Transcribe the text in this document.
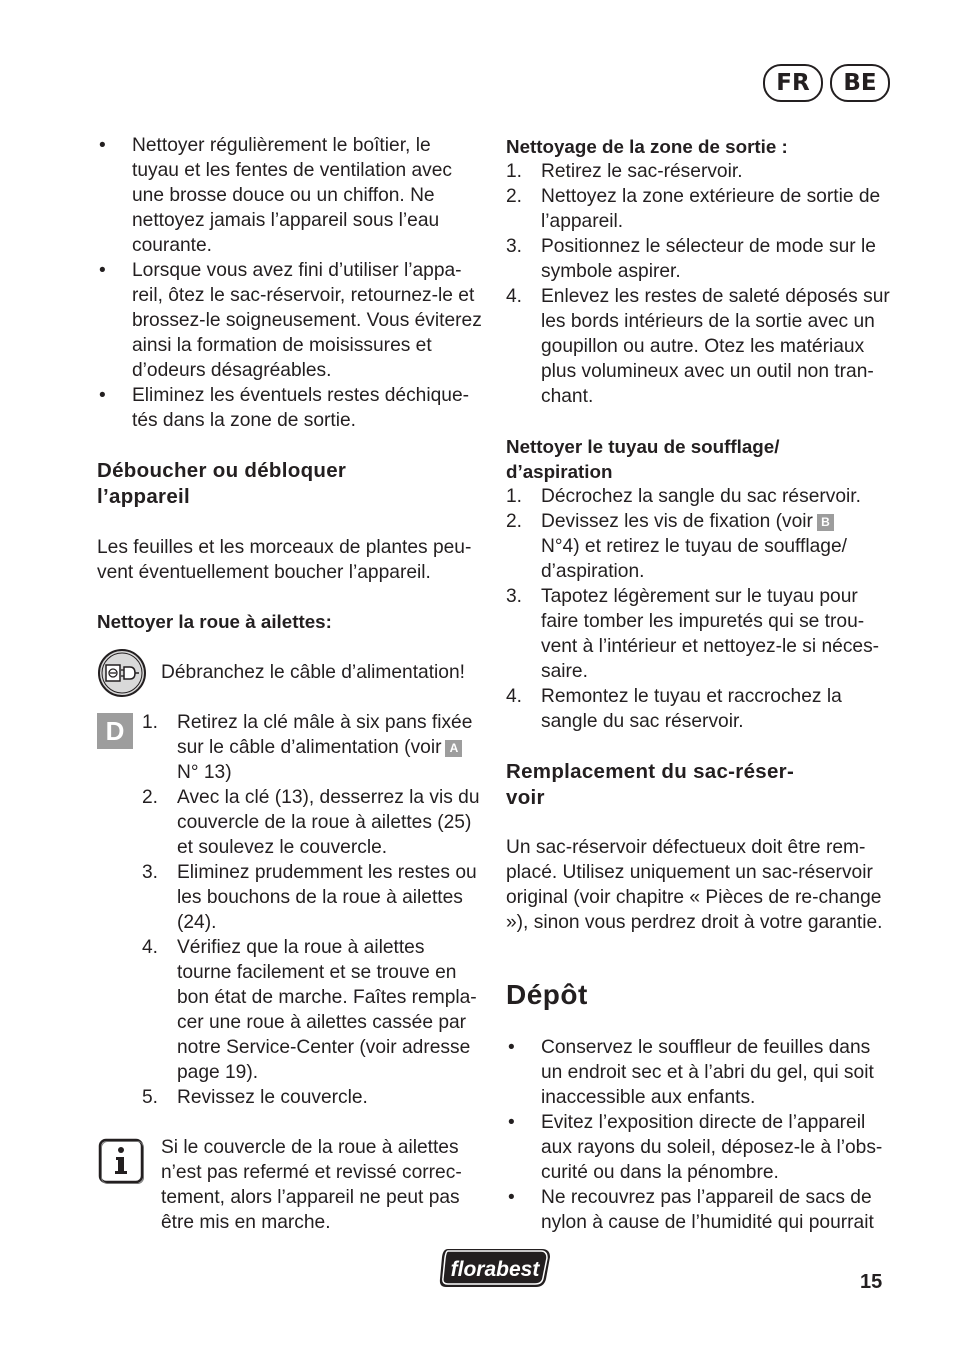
FR	BE
• Nettoyer régulièrement le boîtier, le tuyau et les fentes de ventilation avec une brosse douce ou un chiffon. Ne nettoyez jamais l’appareil sous l’eau courante.
• Lorsque vous avez fini d’utiliser l’appa-reil, ôtez le sac-réservoir, retournez-le et brossez-le soigneusement. Vous éviterez ainsi la formation de moisissures et d’odeurs désagréables.
• Eliminez les éventuels restes déchique-tés dans la zone de sortie.
Déboucher ou débloquer
l’appareil

Les feuilles et les morceaux de plantes peu-vent éventuellement boucher l’appareil.

Nettoyer la roue à ailettes:

Débranchez le câble d’alimentation!

D 1. Retirez la clé mâle à six pans fixée sur le câble d’alimentation (voir A
N° 13)
2. Avec la clé (13), desserrez la vis du couvercle de la roue à ailettes (25) et soulevez le couvercle.
3. Eliminez prudemment les restes ou les bouchons de la roue à ailettes (24).
4. Vérifiez que la roue à ailettes tourne facilement et se trouve en bon état de marche. Faîtes rempla-cer une roue à ailettes cassée par notre Service-Center (voir adresse page 19).
5. Revissez le couvercle.

Si le couvercle de la roue à ailettes n’est pas refermé et revissé correc-tement, alors l’appareil ne peut pas être mis en marche.

Nettoyage de la zone de sortie :
1. Retirez le sac-réservoir.
2. Nettoyez la zone extérieure de sortie de l’appareil.
3. Positionnez le sélecteur de mode sur le symbole aspirer.
4. Enlevez les restes de saleté déposés sur les bords intérieurs de la sortie avec un goupillon ou autre. Otez les matériaux plus volumineux avec un outil non tran-chant.
Nettoyer le tuyau de soufflage/
d’aspiration
1. Décrochez la sangle du sac réservoir.
2. Devissez les vis de fixation (voir B
N°4) et retirez le tuyau de soufflage/ d’aspiration.
3. Tapotez légèrement sur le tuyau pour faire tomber les impuretés qui se trou-vent à l’intérieur et nettoyez-le si néces-saire.
4. Remontez le tuyau et raccrochez la sangle du sac réservoir.
Remplacement du sac-réser-
voir

Un sac-réservoir défectueux doit être rem-placé. Utilisez uniquement un sac-réservoir original (voir chapitre « Pièces de re-change »), sinon vous perdrez droit à votre garantie.

Dépôt
• Conservez le souffleur de feuilles dans un endroit sec et à l’abri du gel, qui soit inaccessible aux enfants.
• Evitez l’exposition directe de l’appareil aux rayons du soleil, déposez-le à l’obs-curité ou dans la pénombre.
• Ne recouvrez pas l’appareil de sacs de nylon à cause de l’humidité qui pourrait
florabest
15
